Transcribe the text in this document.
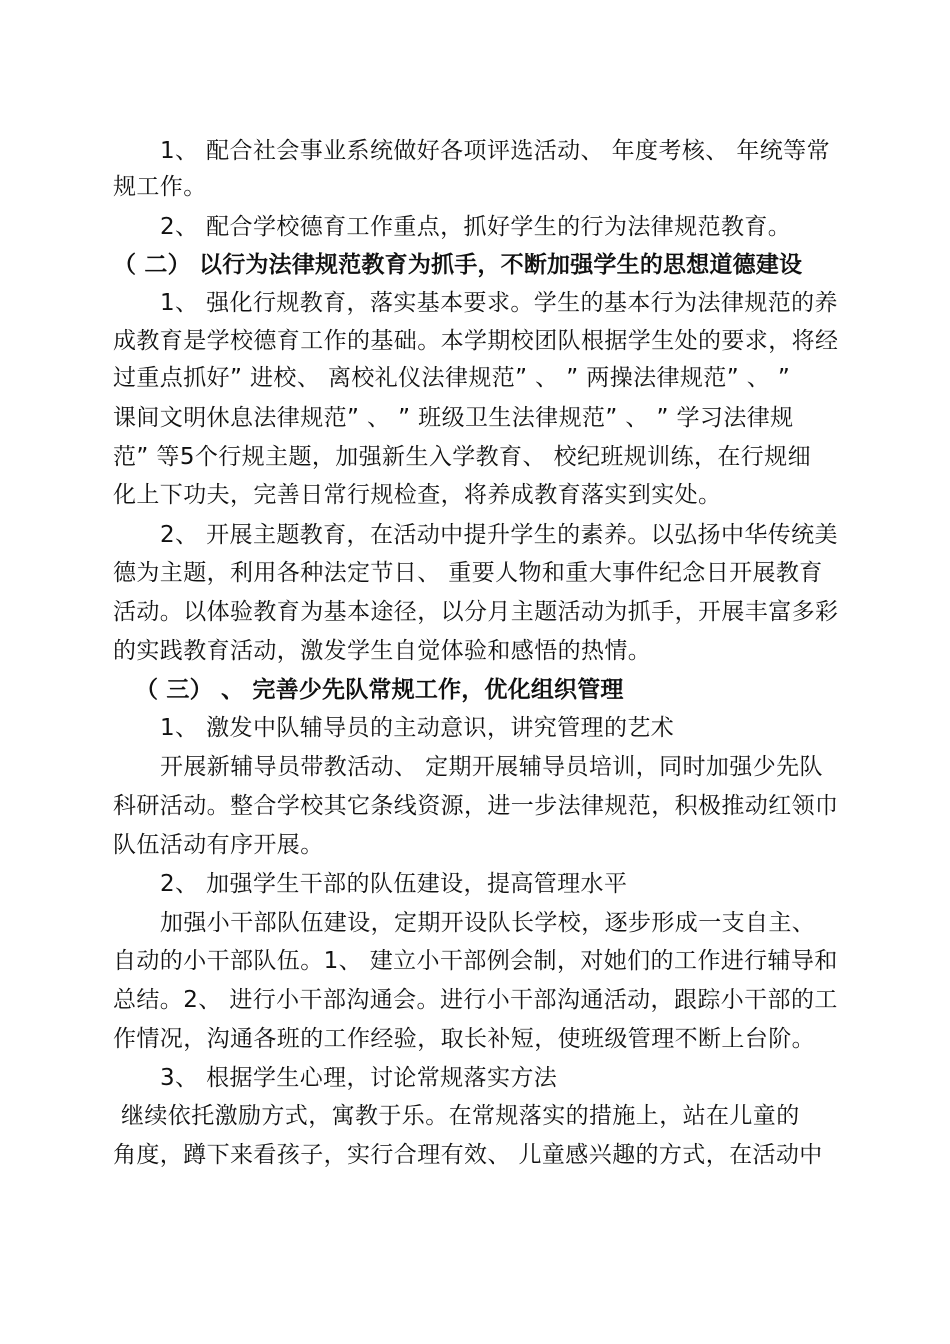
1、 配合社会事业系统做好各项评选活动、 年度考核、 年统等常
规工作。
2、 配合学校德育工作重点，抓好学生的行为法律规范教育。
（ 二） 以行为法律规范教育为抓手，不断加强学生的思想道德建设
1、 强化行规教育，落实基本要求。学生的基本行为法律规范的养
成教育是学校德育工作的基础。本学期校团队根据学生处的要求，将经
过重点抓好” 进校、 离校礼仪法律规范” 、 ” 两操法律规范” 、 ”
课间文明休息法律规范” 、 ” 班级卫生法律规范” 、 ” 学习法律规
范” 等5个行规主题，加强新生入学教育、 校纪班规训练，在行规细
化上下功夫，完善日常行规检查，将养成教育落实到实处。
2、 开展主题教育，在活动中提升学生的素养。以弘扬中华传统美
德为主题，利用各种法定节日、 重要人物和重大事件纪念日开展教育
活动。以体验教育为基本途径，以分月主题活动为抓手，开展丰富多彩
的实践教育活动，激发学生自觉体验和感悟的热情。
（ 三） 、 完善少先队常规工作，优化组织管理
1、 激发中队辅导员的主动意识，讲究管理的艺术
开展新辅导员带教活动、 定期开展辅导员培训，同时加强少先队
科研活动。整合学校其它条线资源，进一步法律规范，积极推动红领巾
队伍活动有序开展。
2、 加强学生干部的队伍建设，提高管理水平
加强小干部队伍建设，定期开设队长学校，逐步形成一支自主、
自动的小干部队伍。1、 建立小干部例会制，对她们的工作进行辅导和
总结。2、 进行小干部沟通会。进行小干部沟通活动，跟踪小干部的工
作情况，沟通各班的工作经验，取长补短，使班级管理不断上台阶。
3、 根据学生心理，讨论常规落实方法
继续依托激励方式，寓教于乐。在常规落实的措施上，站在儿童的
角度，蹲下来看孩子，实行合理有效、 儿童感兴趣的方式，在活动中
